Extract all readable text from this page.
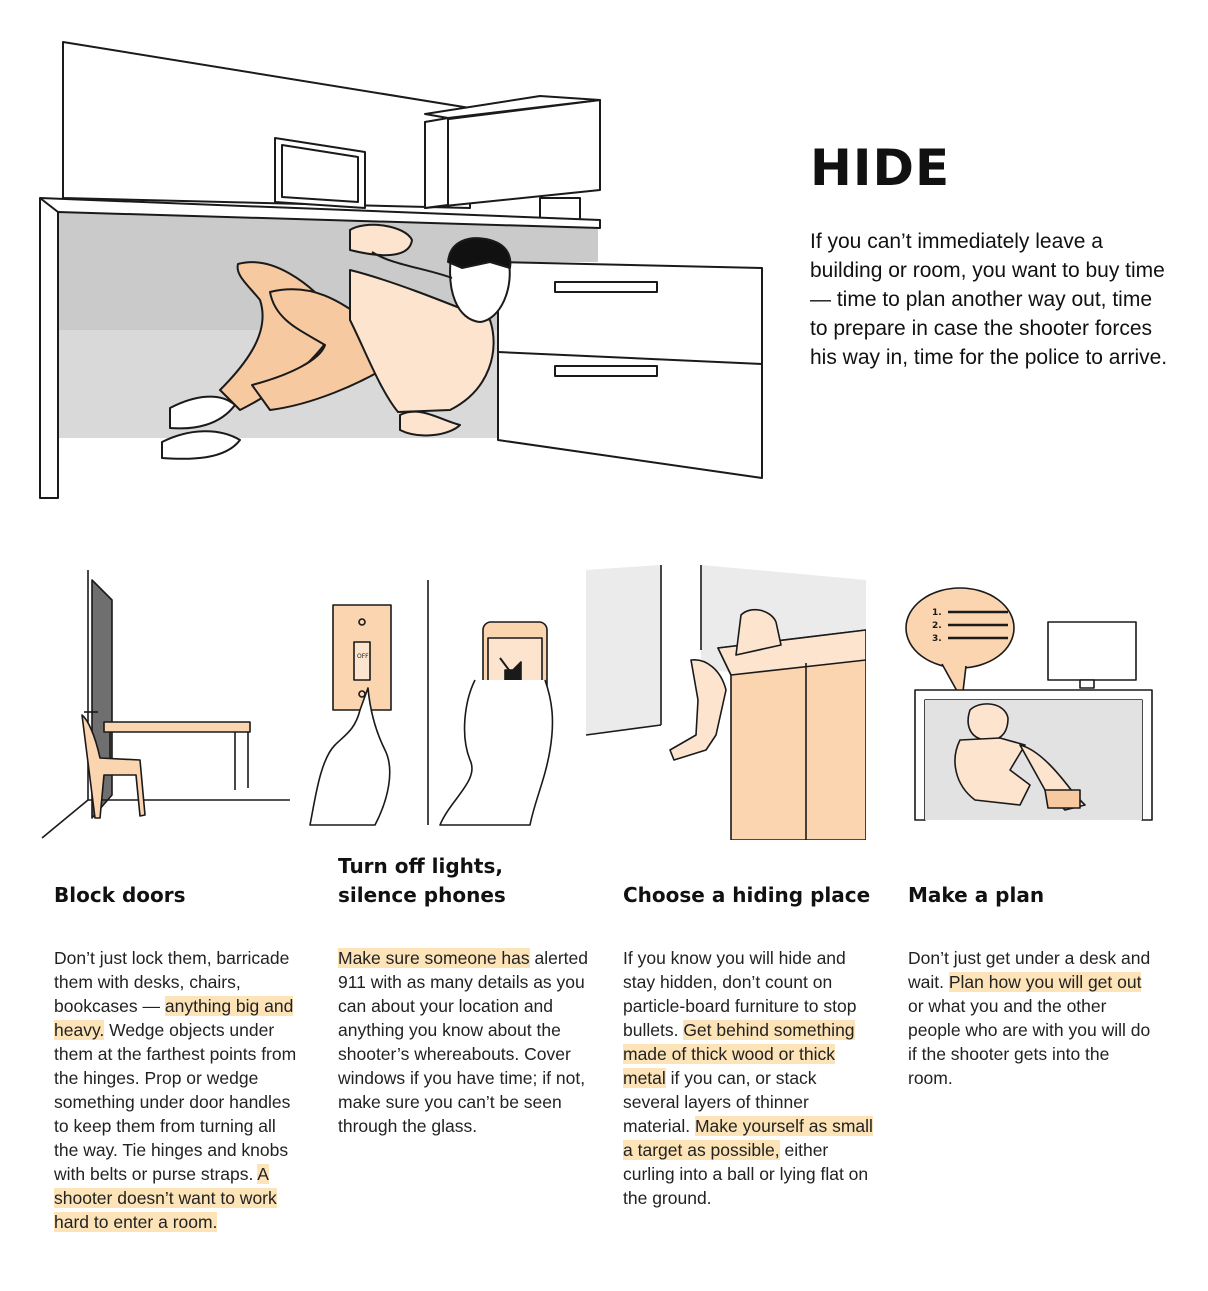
HIDE

If you can’t immediately leave a building or room, you want to buy time — time to plan another way out, time to prepare in case the shooter forces his way in, time for the police to arrive.

OFF
1.
2.
3.
Block doors

Don’t just lock them, barricade them with desks, chairs, bookcases — anything big and heavy. Wedge objects under them at the farthest points from the hinges. Prop or wedge something under door handles to keep them from turning all the way. Tie hinges and knobs with belts or purse straps. A shooter doesn’t want to work hard to enter a room.

Turn off lights, silence phones

Make sure someone has alerted 911 with as many details as you can about your location and anything you know about the shooter’s whereabouts. Cover windows if you have time; if not, make sure you can’t be seen through the glass.

Choose a hiding place

If you know you will hide and stay hidden, don’t count on particle-board furniture to stop bullets. Get behind something made of thick wood or thick metal if you can, or stack several layers of thinner material. Make yourself as small a target as possible, either curling into a ball or lying flat on the ground.

Make a plan

Don’t just get under a desk and wait. Plan how you will get out or what you and the other people who are with you will do if the shooter gets into the room.
